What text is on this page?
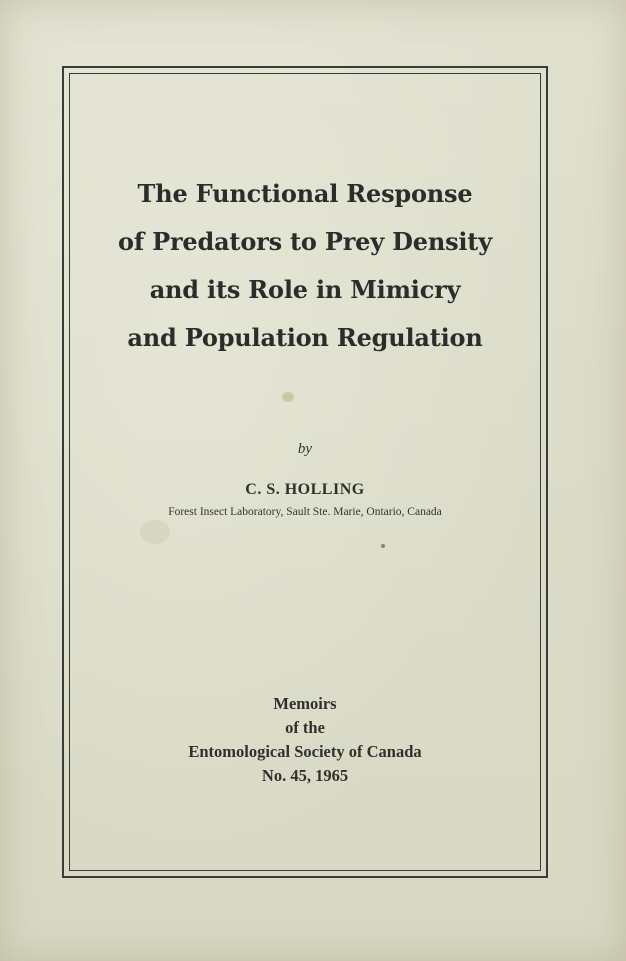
The Functional Response
of Predators to Prey Density
and its Role in Mimicry
and Population Regulation
by
C. S. HOLLING
Forest Insect Laboratory, Sault Ste. Marie, Ontario, Canada
Memoirs
of the
Entomological Society of Canada
No. 45, 1965
